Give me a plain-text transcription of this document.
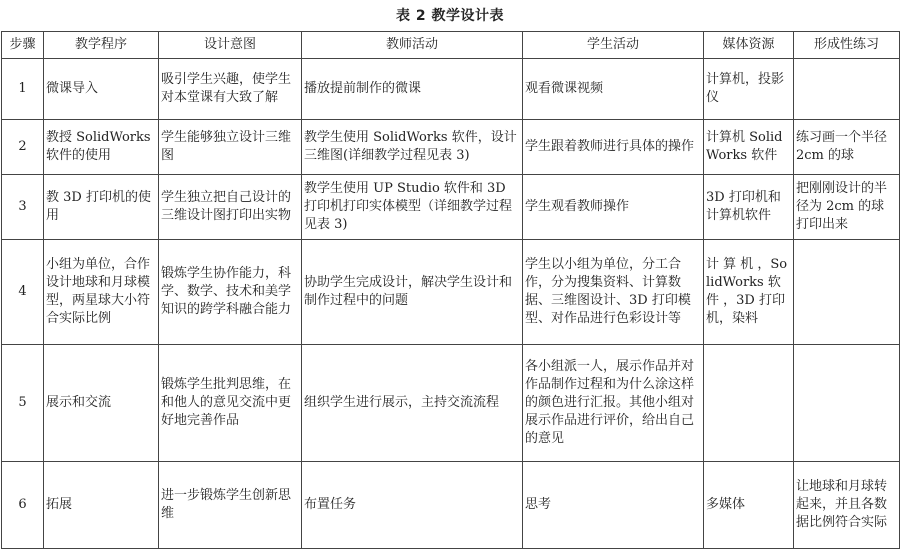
表 2 教学设计表
步骤	教学程序	设计意图	教师活动	学生活动	媒体资源	形成性练习
1	微课导入	吸引学生兴趣，使学生对本堂课有大致了解	播放提前制作的微课	观看微课视频	计算机，投影仪	
2	教授 SolidWorks 软件的使用	学生能够独立设计三维图	教学生使用 SolidWorks 软件，设计三维图(详细教学过程见表 3)	学生跟着教师进行具体的操作	计算机 SolidWorks 软件	练习画一个半径 2cm 的球
3	教 3D 打印机的使用	学生独立把自己设计的三维设计图打印出实物	教学生使用 UP Studio 软件和 3D 打印机打印实体模型（详细教学过程见表 3)	学生观看教师操作	3D 打印机和计算机软件	把刚刚设计的半径为 2cm 的球打印出来
4	小组为单位，合作设计地球和月球模型，两星球大小符合实际比例	锻炼学生协作能力，科学、数学、技术和美学知识的跨学科融合能力	协助学生完成设计，解决学生设计和制作过程中的问题	学生以小组为单位，分工合作，分为搜集资料、计算数据、三维图设计、3D 打印模型、对作品进行色彩设计等	计 算 机 ，SolidWorks 软 件 ，3D 打印机，染料	
5	展示和交流	锻炼学生批判思维，在和他人的意见交流中更好地完善作品	组织学生进行展示，主持交流流程	各小组派一人，展示作品并对作品制作过程和为什么涂这样的颜色进行汇报。其他小组对展示作品进行评价，给出自己的意见		
6	拓展	进一步锻炼学生创新思维	布置任务	思考	多媒体	让地球和月球转起来，并且各数据比例符合实际
